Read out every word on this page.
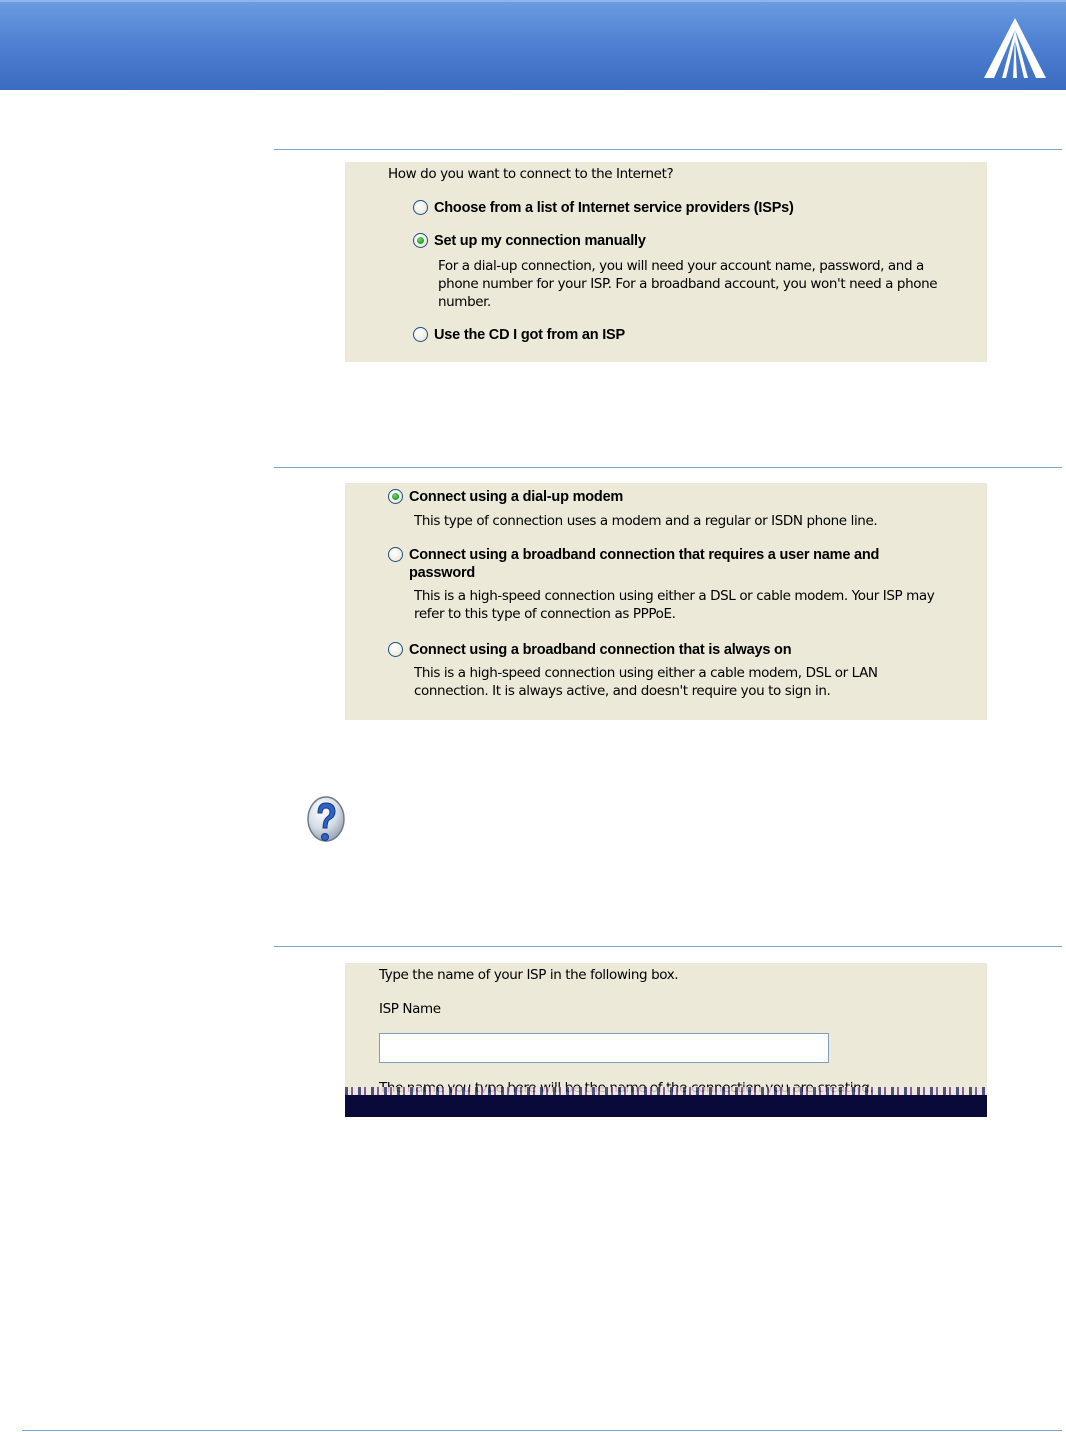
How do you want to connect to the Internet?
Choose from a list of Internet service providers (ISPs)
Set up my connection manually
For a dial-up connection, you will need your account name, password, and a
phone number for your ISP. For a broadband account, you won't need a phone
number.
Use the CD I got from an ISP
Connect using a dial-up modem
This type of connection uses a modem and a regular or ISDN phone line.
Connect using a broadband connection that requires a user name and
password
This is a high-speed connection using either a DSL or cable modem. Your ISP may
refer to this type of connection as PPPoE.
Connect using a broadband connection that is always on
This is a high-speed connection using either a cable modem, DSL or LAN
connection. It is always active, and doesn't require you to sign in.
Type the name of your ISP in the following box.
ISP Name
